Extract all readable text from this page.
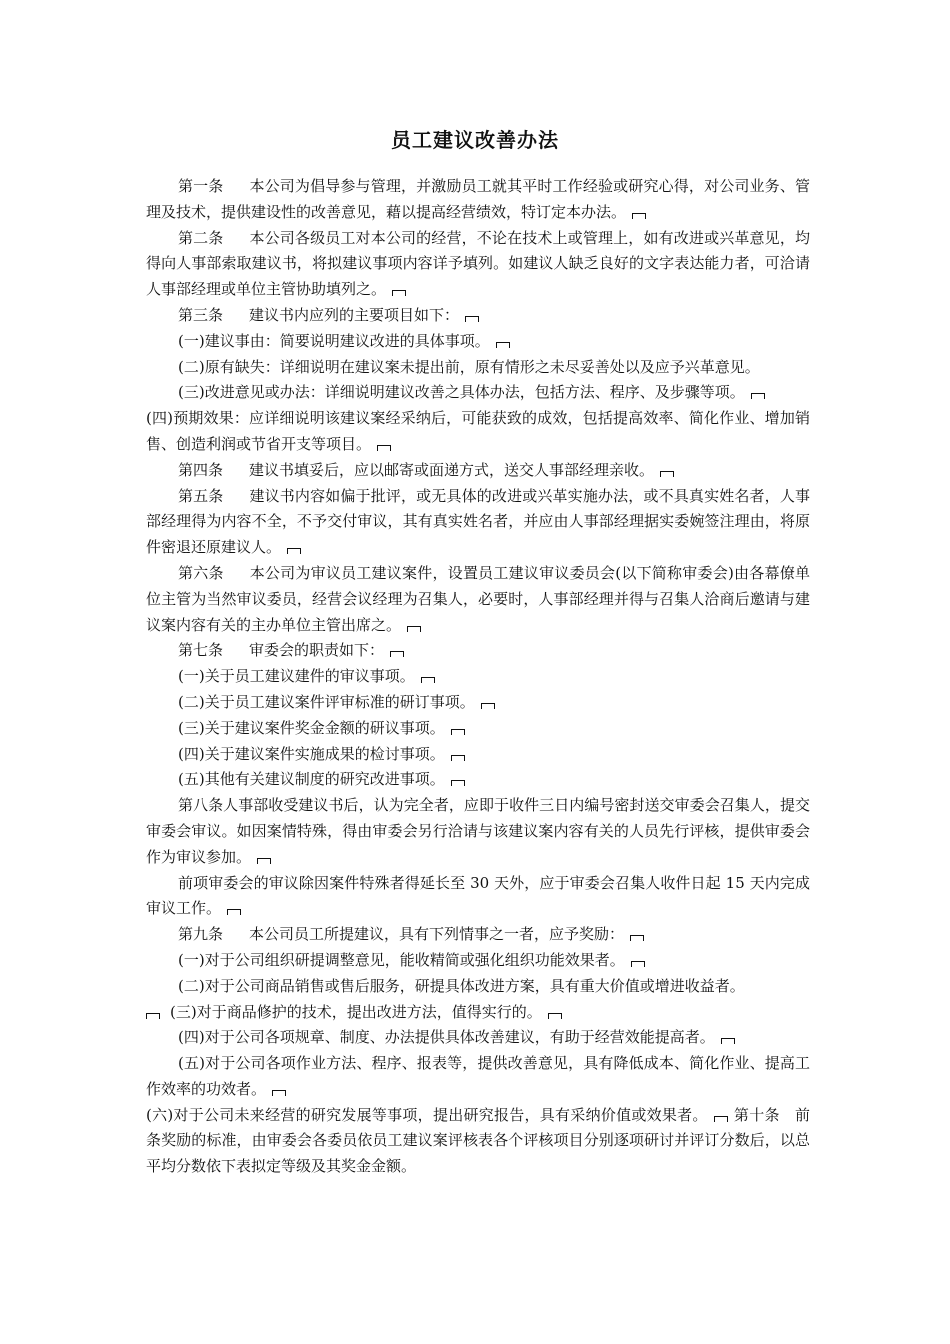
员工建议改善办法

第一条 本公司为倡导参与管理，并激励员工就其平时工作经验或研究心得，对公司业务、管理及技术，提供建设性的改善意见，藉以提高经营绩效，特订定本办法。

第二条 本公司各级员工对本公司的经营，不论在技术上或管理上，如有改进或兴革意见，均得向人事部索取建议书，将拟建议事项内容详予填列。如建议人缺乏良好的文字表达能力者，可洽请人事部经理或单位主管协助填列之。

第三条 建议书内应列的主要项目如下：

(一)建议事由：简要说明建议改进的具体事项。

(二)原有缺失：详细说明在建议案未提出前，原有情形之未尽妥善处以及应予兴革意见。

(三)改进意见或办法：详细说明建议改善之具体办法，包括方法、程序、及步骤等项。

(四)预期效果：应详细说明该建议案经采纳后，可能获致的成效，包括提高效率、简化作业、增加销售、创造利润或节省开支等项目。

第四条 建议书填妥后，应以邮寄或面递方式，送交人事部经理亲收。

第五条 建议书内容如偏于批评，或无具体的改进或兴革实施办法，或不具真实姓名者，人事部经理得为内容不全，不予交付审议，其有真实姓名者，并应由人事部经理据实委婉签注理由，将原件密退还原建议人。

第六条 本公司为审议员工建议案件，设置员工建议审议委员会(以下简称审委会)由各幕僚单位主管为当然审议委员，经营会议经理为召集人，必要时，人事部经理并得与召集人洽商后邀请与建议案内容有关的主办单位主管出席之。

第七条 审委会的职责如下：

(一)关于员工建议建件的审议事项。

(二)关于员工建议案件评审标准的研订事项。

(三)关于建议案件奖金金额的研议事项。

(四)关于建议案件实施成果的检讨事项。

(五)其他有关建议制度的研究改进事项。

第八条人事部收受建议书后，认为完全者，应即于收件三日内编号密封送交审委会召集人，提交审委会审议。如因案情特殊，得由审委会另行洽请与该建议案内容有关的人员先行评核，提供审委会作为审议参加。

前项审委会的审议除因案件特殊者得延长至 30 天外，应于审委会召集人收件日起 15 天内完成审议工作。

第九条 本公司员工所提建议，具有下列情事之一者，应予奖励：

(一)对于公司组织研提调整意见，能收精简或强化组织功能效果者。

(二)对于公司商品销售或售后服务，研提具体改进方案，具有重大价值或增进收益者。

(三)对于商品修护的技术，提出改进方法，值得实行的。

(四)对于公司各项规章、制度、办法提供具体改善建议，有助于经营效能提高者。

(五)对于公司各项作业方法、程序、报表等，提供改善意见，具有降低成本、简化作业、提高工作效率的功效者。

(六)对于公司未来经营的研究发展等事项，提出研究报告，具有采纳价值或效果者。 第十条　前条奖励的标准，由审委会各委员依员工建议案评核表各个评核项目分别逐项研讨并评订分数后，以总平均分数依下表拟定等级及其奖金金额。
